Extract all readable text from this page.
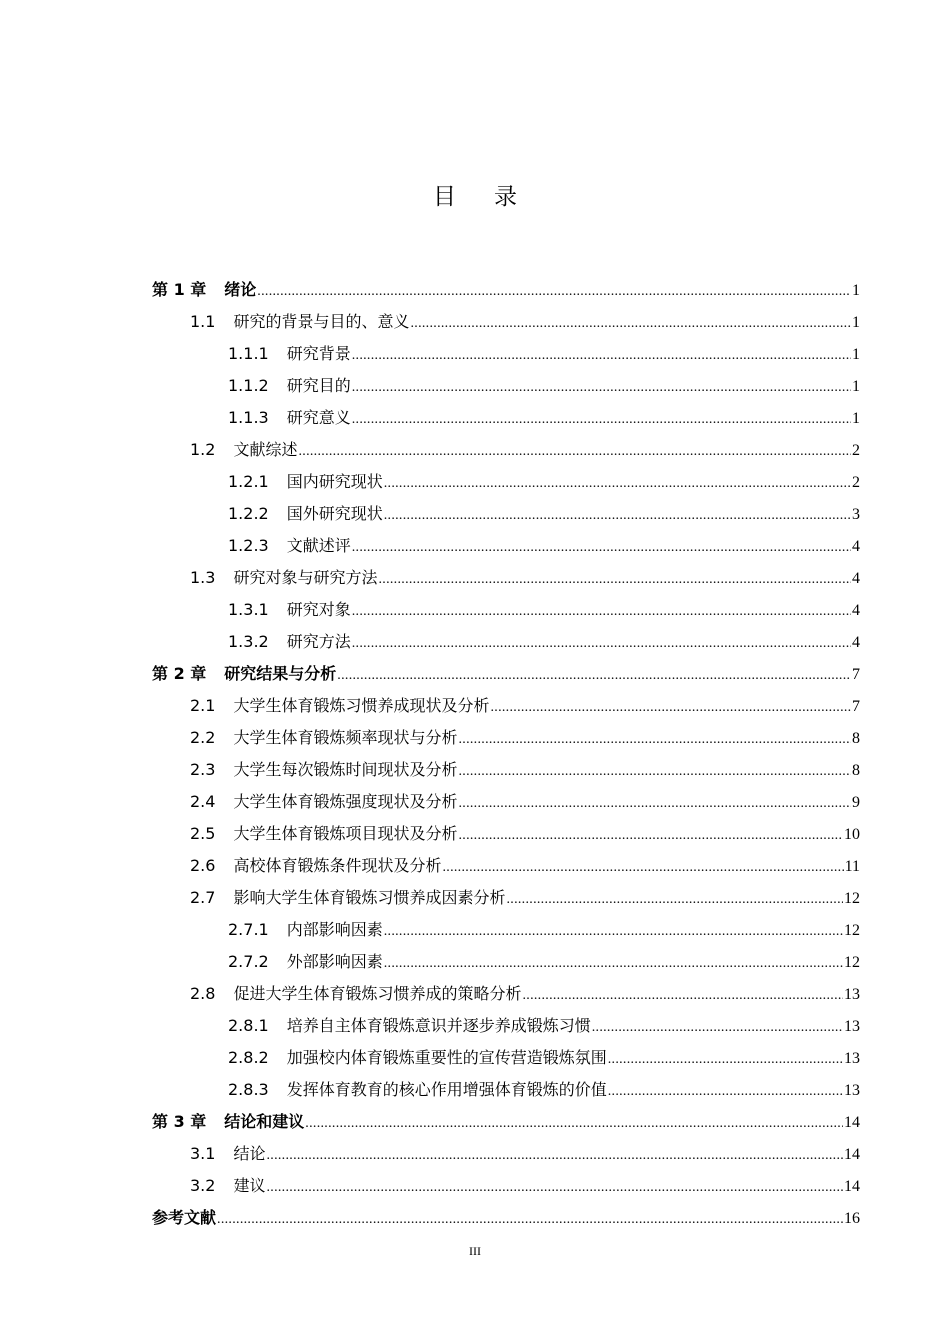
目 录
第 1 章 绪论 .....	1
1.1 研究的背景与目的、意义 .....	1
1.1.1 研究背景 .....	1
1.1.2 研究目的 .....	1
1.1.3 研究意义 .....	1
1.2 文献综述 .....	2
1.2.1 国内研究现状 .....	2
1.2.2 国外研究现状 .....	3
1.2.3 文献述评 .....	4
1.3 研究对象与研究方法 .....	4
1.3.1 研究对象 .....	4
1.3.2 研究方法 .....	4
第 2 章 研究结果与分析 .....	7
2.1 大学生体育锻炼习惯养成现状及分析 .....	7
2.2 大学生体育锻炼频率现状与分析 .....	8
2.3 大学生每次锻炼时间现状及分析 .....	8
2.4 大学生体育锻炼强度现状及分析 .....	9
2.5 大学生体育锻炼项目现状及分析 .....	10
2.6 高校体育锻炼条件现状及分析 .....	11
2.7 影响大学生体育锻炼习惯养成因素分析 .....	12
2.7.1 内部影响因素 .....	12
2.7.2 外部影响因素 .....	12
2.8 促进大学生体育锻炼习惯养成的策略分析 .....	13
2.8.1 培养自主体育锻炼意识并逐步养成锻炼习惯 .....	13
2.8.2 加强校内体育锻炼重要性的宣传营造锻炼氛围 .....	13
2.8.3 发挥体育教育的核心作用增强体育锻炼的价值 .....	13
第 3 章 结论和建议 .....	14
3.1 结论 .....	14
3.2 建议 .....	14
参考文献 .....	16
III
